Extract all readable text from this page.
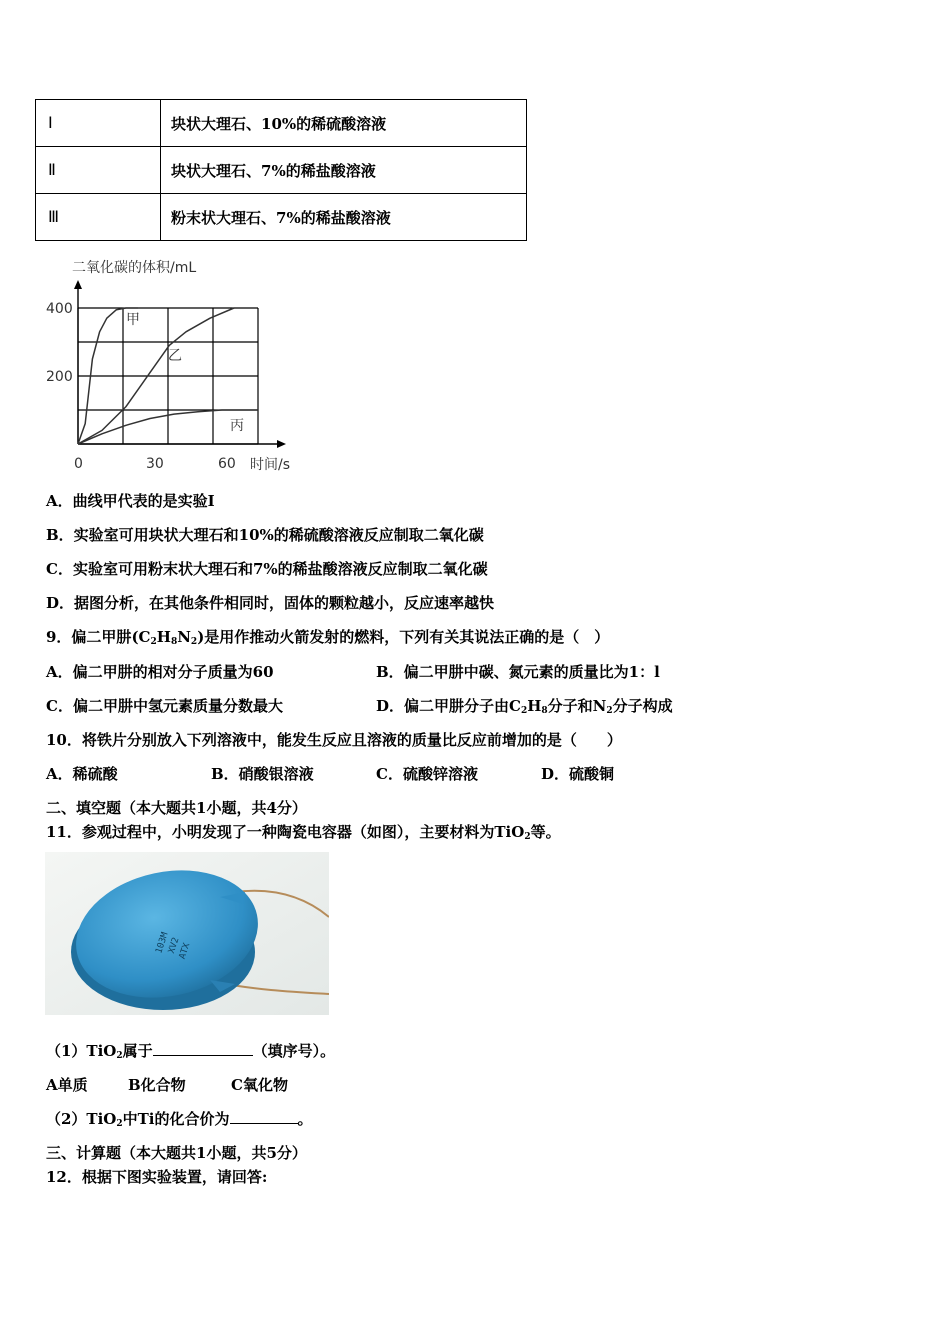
Ⅰ	块状大理石、10%的稀硫酸溶液
Ⅱ	块状大理石、7%的稀盐酸溶液
Ⅲ	粉末状大理石、7%的稀盐酸溶液
二氧化碳的体积/mL
时间/s
0	30	60
200
400
甲
乙
丙
A．曲线甲代表的是实验Ⅰ
B．实验室可用块状大理石和10%的稀硫酸溶液反应制取二氧化碳
C．实验室可用粉末状大理石和7%的稀盐酸溶液反应制取二氧化碳
D．据图分析，在其他条件相同时，固体的颗粒越小，反应速率越快
9．偏二甲肼$(C_2H_8N_2)$是用作推动火箭发射的燃料，下列有关其说法正确的是（　）
A．偏二甲肼的相对分子质量为60	B．偏二甲肼中碳、氮元素的质量比为1：l
C．偏二甲肼中氢元素质量分数最大	D．偏二甲肼分子由$C_2H_8$分子和$N_2$分子构成
10．将铁片分别放入下列溶液中，能发生反应且溶液的质量比反应前增加的是（　　）
A．稀硫酸	B．硝酸银溶液	C．硫酸锌溶液	D．硫酸铜
二、填空题（本大题共1小题，共4分）
11．参观过程中，小明发现了一种陶瓷电容器（如图），主要材料为TiO$_2$等。
103M
XV2
ATX
（1）TiO$_2$属于	（填序号）。
A单质	B化合物	C氧化物
（2）TiO$_2$中Ti的化合价为	。
三、计算题（本大题共1小题，共5分）
12．根据下图实验装置，请回答:
